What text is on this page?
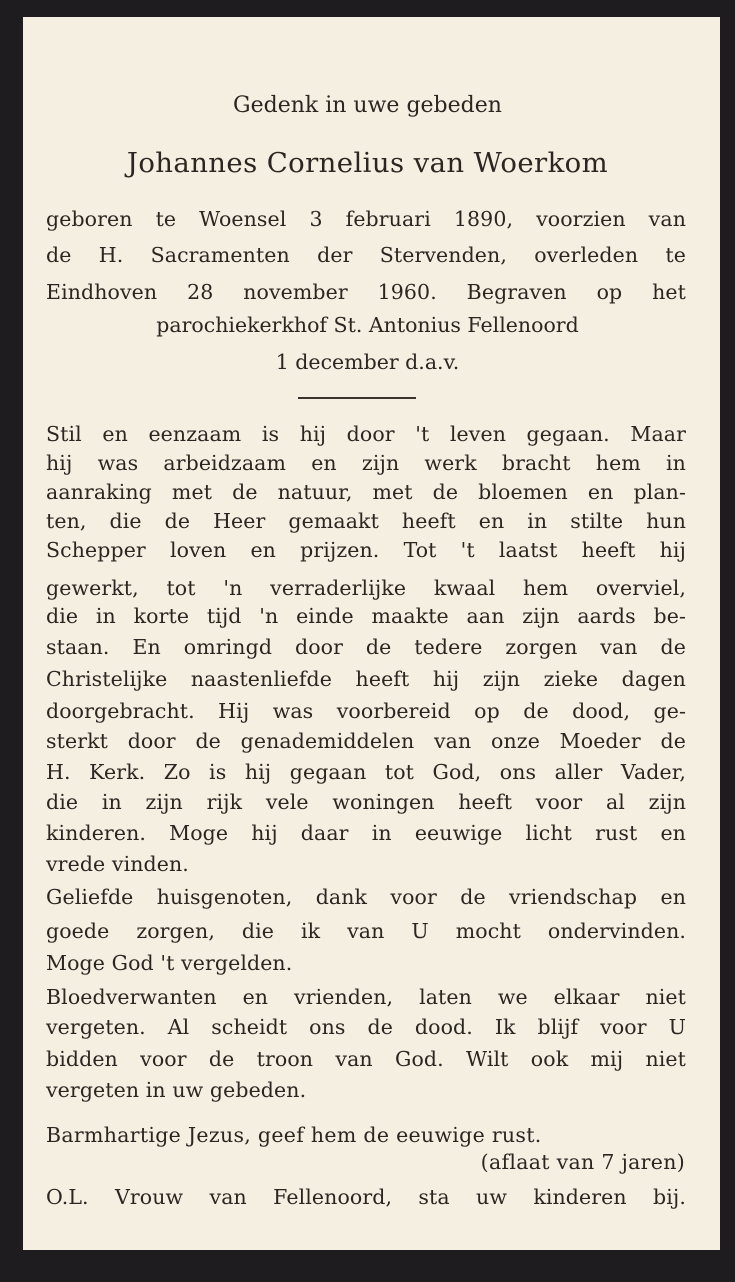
Gedenk in uwe gebeden

Johannes Cornelius van Woerkom

geboren te Woensel 3 februari 1890, voorzien van

de H. Sacramenten der Stervenden, overleden te

Eindhoven 28 november 1960. Begraven op het

parochiekerkhof St. Antonius Fellenoord

1 december d.a.v.

Stil en eenzaam is hij door 't leven gegaan. Maar

hij was arbeidzaam en zijn werk bracht hem in

aanraking met de natuur, met de bloemen en plan-

ten, die de Heer gemaakt heeft en in stilte hun

Schepper loven en prijzen. Tot 't laatst heeft hij

gewerkt, tot 'n verraderlijke kwaal hem overviel,

die in korte tijd 'n einde maakte aan zijn aards be-

staan. En omringd door de tedere zorgen van de

Christelijke naastenliefde heeft hij zijn zieke dagen

doorgebracht. Hij was voorbereid op de dood, ge-

sterkt door de genademiddelen van onze Moeder de

H. Kerk. Zo is hij gegaan tot God, ons aller Vader,

die in zijn rijk vele woningen heeft voor al zijn

kinderen. Moge hij daar in eeuwige licht rust en

vrede vinden.

Geliefde huisgenoten, dank voor de vriendschap en

goede zorgen, die ik van U mocht ondervinden.

Moge God 't vergelden.

Bloedverwanten en vrienden, laten we elkaar niet

vergeten. Al scheidt ons de dood. Ik blijf voor U

bidden voor de troon van God. Wilt ook mij niet

vergeten in uw gebeden.

Barmhartige Jezus, geef hem de eeuwige rust.

(aflaat van 7 jaren)

O.L. Vrouw van Fellenoord, sta uw kinderen bij.
